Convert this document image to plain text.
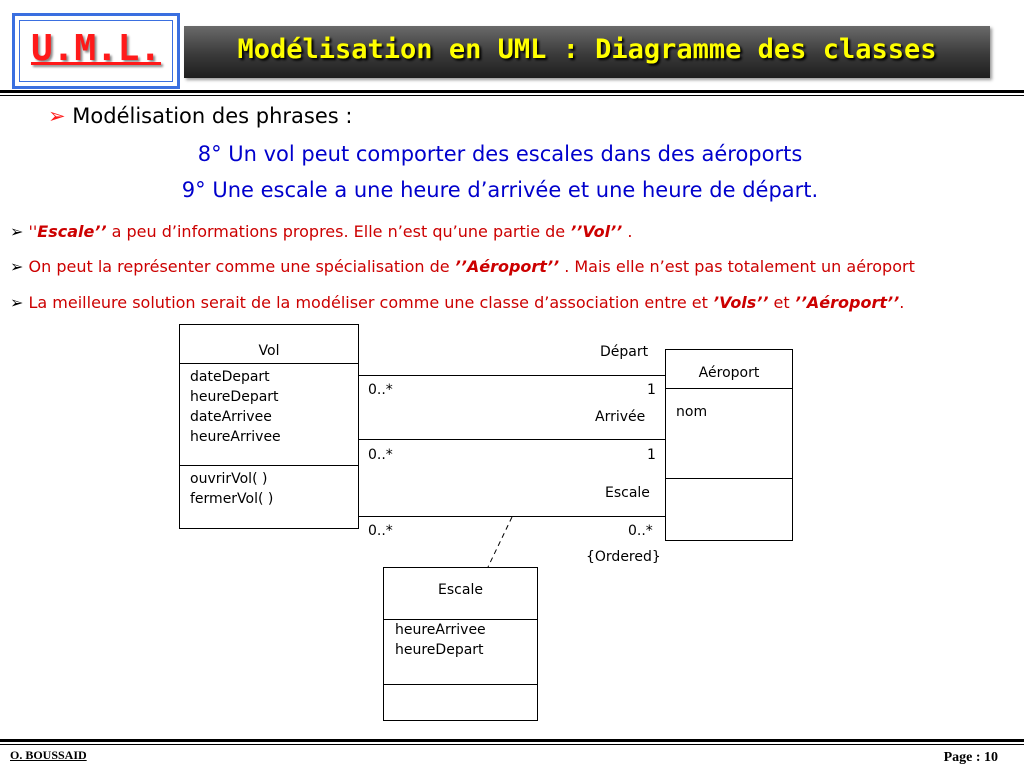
U.M.L.	Modélisation en UML : Diagramme des classes
➢ Modélisation des phrases :
8° Un vol peut comporter des escales dans des aéroports
9° Une escale a une heure d’arrivée et une heure de départ.
➢ ''Escale’’ a peu d’informations propres. Elle n’est qu’une partie de ’’Vol’’ .
➢ On peut la représenter comme une spécialisation de ’’Aéroport’’ . Mais elle n’est pas totalement un aéroport
➢ La meilleure solution serait de la modéliser comme une classe d’association entre et ’Vols’’ et ’’Aéroport’’.
Vol
dateDepart
heureDepart
dateArrivee
heureArrivee
ouvrirVol( )
fermerVol( )
Aéroport
nom
Escale
heureArrivee
heureDepart
Départ
0..*	1
Arrivée
0..*	1
Escale
0..*	0..*
{Ordered}
O. BOUSSAID	Page : 10
